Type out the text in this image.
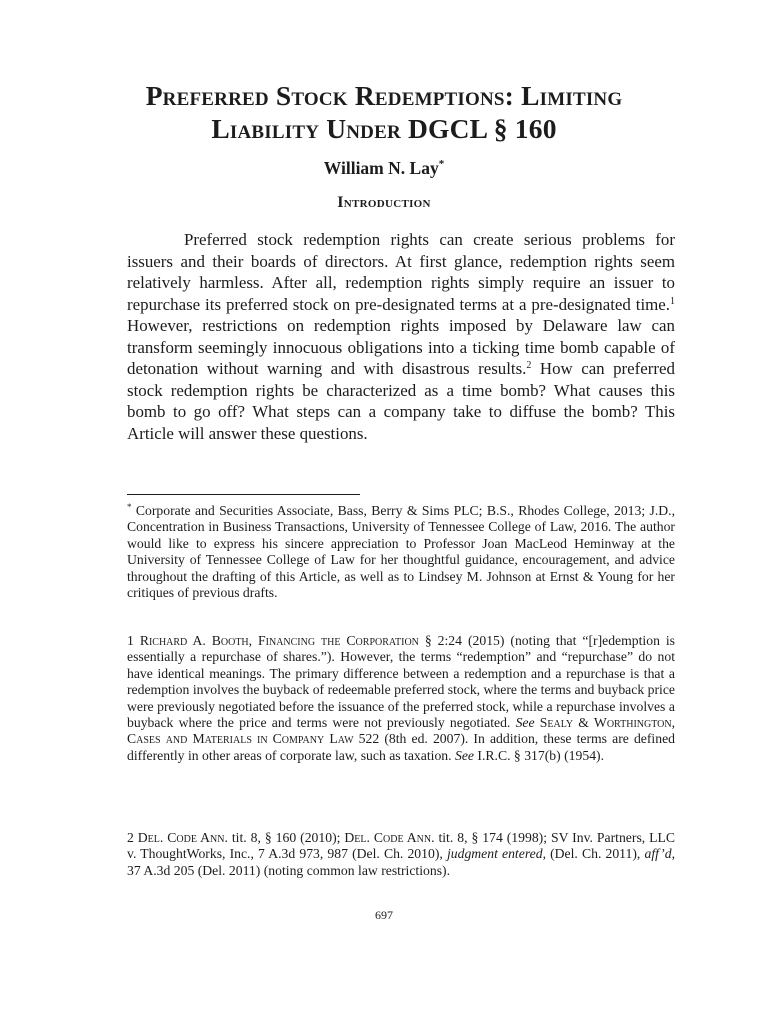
Preferred Stock Redemptions: Limiting
Liability Under DGCL § 160
William N. Lay*
Introduction

Preferred stock redemption rights can create serious problems for issuers and their boards of directors. At first glance, redemption rights seem relatively harmless. After all, redemption rights simply require an issuer to repurchase its preferred stock on pre-designated terms at a pre-designated time.$^1$ However, restrictions on redemption rights imposed by Delaware law can transform seemingly innocuous obligations into a ticking time bomb capable of detonation without warning and with disastrous results.$^2$ How can preferred stock redemption rights be characterized as a time bomb? What causes this bomb to go off? What steps can a company take to diffuse the bomb? This Article will answer these questions.

* Corporate and Securities Associate, Bass, Berry & Sims PLC; B.S., Rhodes College, 2013; J.D., Concentration in Business Transactions, University of Tennessee College of Law, 2016. The author would like to express his sincere appreciation to Professor Joan MacLeod Heminway at the University of Tennessee College of Law for her thoughtful guidance, encouragement, and advice throughout the drafting of this Article, as well as to Lindsey M. Johnson at Ernst & Young for her critiques of previous drafts.

1 Richard A. Booth, Financing the Corporation § 2:24 (2015) (noting that “[r]edemption is essentially a repurchase of shares.”). However, the terms “redemption” and “repurchase” do not have identical meanings. The primary difference between a redemption and a repurchase is that a redemption involves the buyback of redeemable preferred stock, where the terms and buyback price were previously negotiated before the issuance of the preferred stock, while a repurchase involves a buyback where the price and terms were not previously negotiated. See Sealy & Worthington, Cases and Materials in Company Law 522 (8th ed. 2007). In addition, these terms are defined differently in other areas of corporate law, such as taxation. See I.R.C. § 317(b) (1954).

2 Del. Code Ann. tit. 8, § 160 (2010); Del. Code Ann. tit. 8, § 174 (1998); SV Inv. Partners, LLC v. ThoughtWorks, Inc., 7 A.3d 973, 987 (Del. Ch. 2010), judgment entered, (Del. Ch. 2011), aff’d, 37 A.3d 205 (Del. 2011) (noting common law restrictions).

697
